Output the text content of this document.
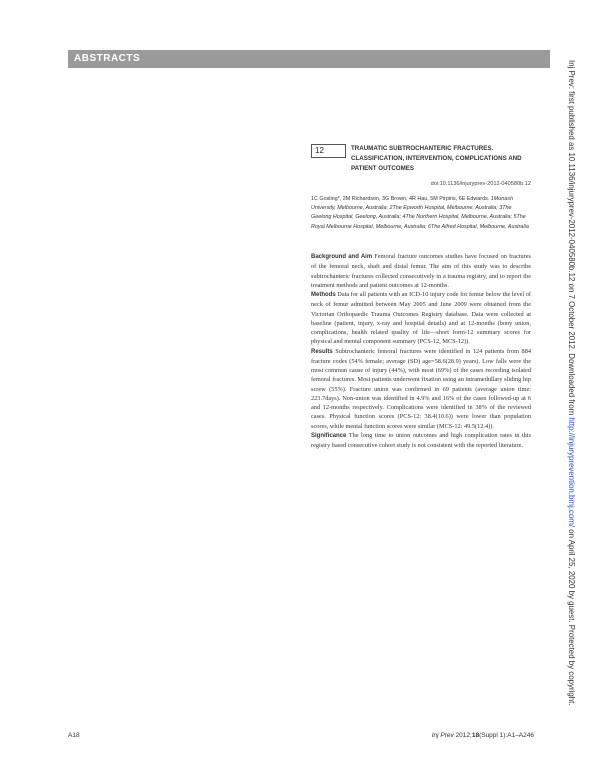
ABSTRACTS
12	TRAUMATIC SUBTROCHANTERIC FRACTURES. CLASSIFICATION, INTERVENTION, COMPLICATIONS AND PATIENT OUTCOMES
doi:10.1136/injuryprev-2012-040580b.12
1C Gosling*, 2M Richardson, 3G Brown, 4R Hau, 5M Pirpiris, 6E Edwards. 1Monash University, Melbourne, Australia; 2The Epworth Hospital, Melbourne, Australia; 3The Geelong Hospital, Geelong, Australia; 4The Northern Hospital, Melbourne, Australia; 5The Royal Melbourne Hospital, Melbourne, Australia; 6The Alfred Hospital, Melbourne, Australia

Background and Aim Femoral fracture outcomes studies have focused on fractures of the femoral neck, shaft and distal femur. The aim of this study was to describe subtrochanteric fractures collected consecutively in a trauma registry, and to report the treatment methods and patient outcomes at 12-months.

Methods Data for all patients with an ICD-10 injury code for femur below the level of neck of femur admitted between May 2005 and June 2009 were obtained from the Victorian Orthopaedic Trauma Outcomes Registry database. Data were collected at baseline (patient, injury, x-ray and hospital details) and at 12-months (bony union, complications, health related quality of life—short form-12 summary scores for physical and mental component summary (PCS-12, MCS-12)).

Results Subtrochanteric femoral fractures were identified in 124 patients from 884 fracture codes (54% female; average (SD) age=58.6(28.9) years). Low falls were the most common cause of injury (44%), with most (69%) of the cases recording isolated femoral fractures. Most patients underwent fixation using an intramedullary sliding hip screw (55%). Fracture union was confirmed in 69 patients (average union time: 223.7days). Non-union was identified in 4.9% and 16% of the cases followed-up at 6 and 12-months respectively. Complications were identified in 38% of the reviewed cases. Physical function scores (PCS-12: 38.4(10.6)) were lower than population scores, while mental function scores were similar (MCS-12: 49.5(12.4)).

Significance The long time to union outcomes and high complication rates in this registry based consecutive cohort study is not consistent with the reported literature.

Inj Prev: first published as 10.1136/injuryprev-2012-040580b.12 on 7 October 2012. Downloaded from http://injuryprevention.bmj.com/ on April 25, 2020 by guest. Protected by copyright.
A18	Inj Prev 2012;18(Suppl 1):A1–A246
